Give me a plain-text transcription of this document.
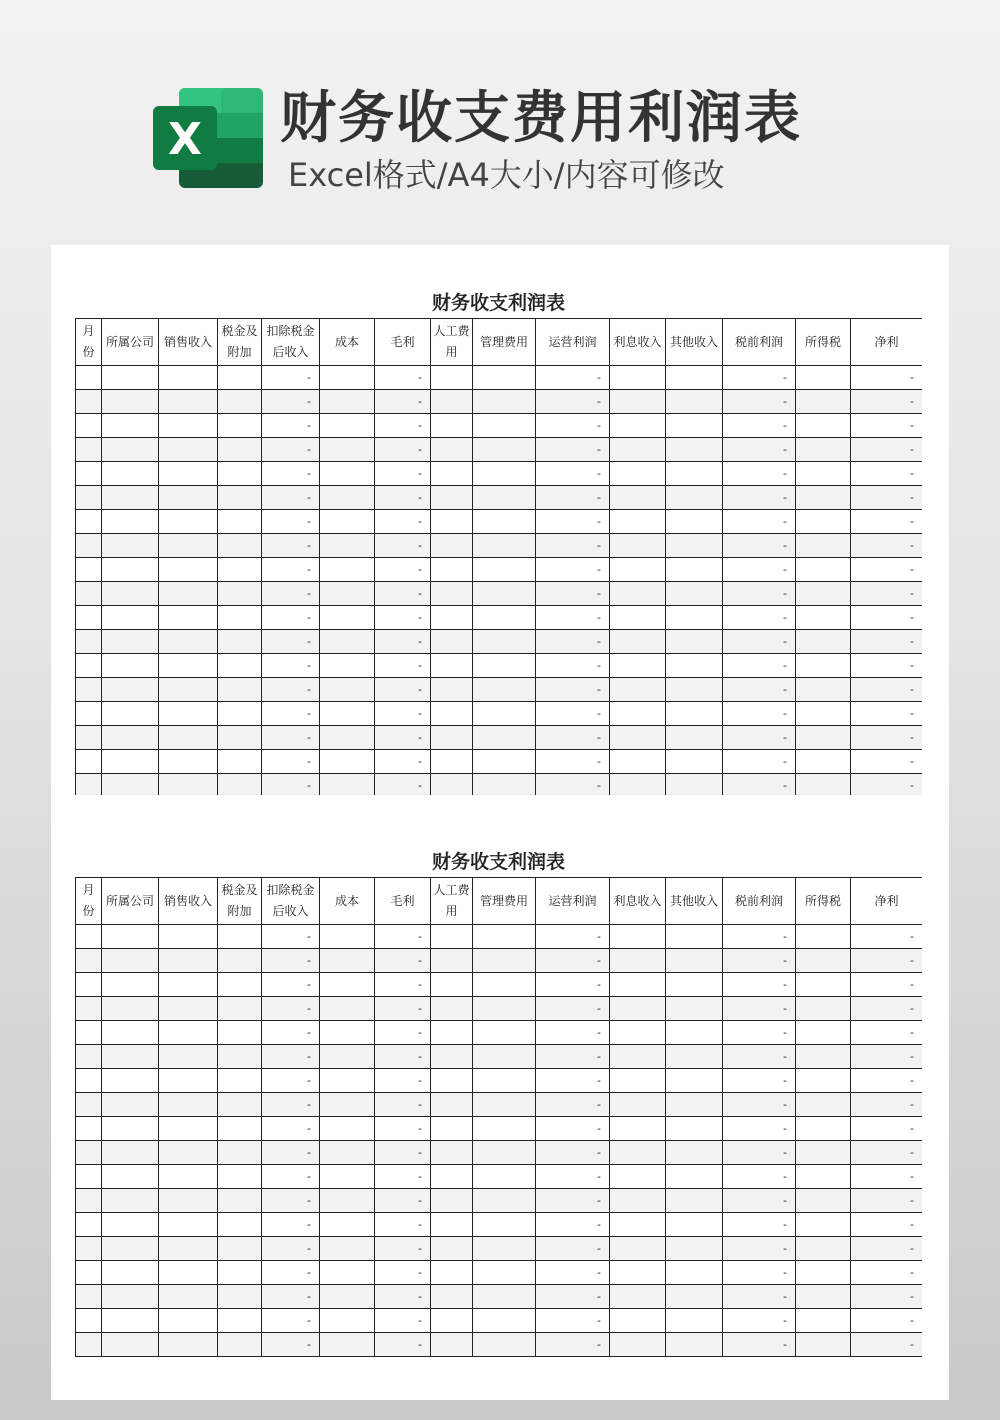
X 财务收支费用利润表
Excel格式/A4大小/内容可修改
财务收支利润表
月份	所属公司	销售收入	税金及附加	扣除税金后收入	成本	毛利	人工费用	管理费用	运营利润	利息收入	其他收入	税前利润	所得税	净利
				-		-			-			-		-
				-		-			-			-		-
				-		-			-			-		-
				-		-			-			-		-
				-		-			-			-		-
				-		-			-			-		-
				-		-			-			-		-
				-		-			-			-		-
				-		-			-			-		-
				-		-			-			-		-
				-		-			-			-		-
				-		-			-			-		-
				-		-			-			-		-
				-		-			-			-		-
				-		-			-			-		-
				-		-			-			-		-
				-		-			-			-		-
				-		-			-			-		-
财务收支利润表
月份	所属公司	销售收入	税金及附加	扣除税金后收入	成本	毛利	人工费用	管理费用	运营利润	利息收入	其他收入	税前利润	所得税	净利
				-		-			-			-		-
				-		-			-			-		-
				-		-			-			-		-
				-		-			-			-		-
				-		-			-			-		-
				-		-			-			-		-
				-		-			-			-		-
				-		-			-			-		-
				-		-			-			-		-
				-		-			-			-		-
				-		-			-			-		-
				-		-			-			-		-
				-		-			-			-		-
				-		-			-			-		-
				-		-			-			-		-
				-		-			-			-		-
				-		-			-			-		-
				-		-			-			-		-
